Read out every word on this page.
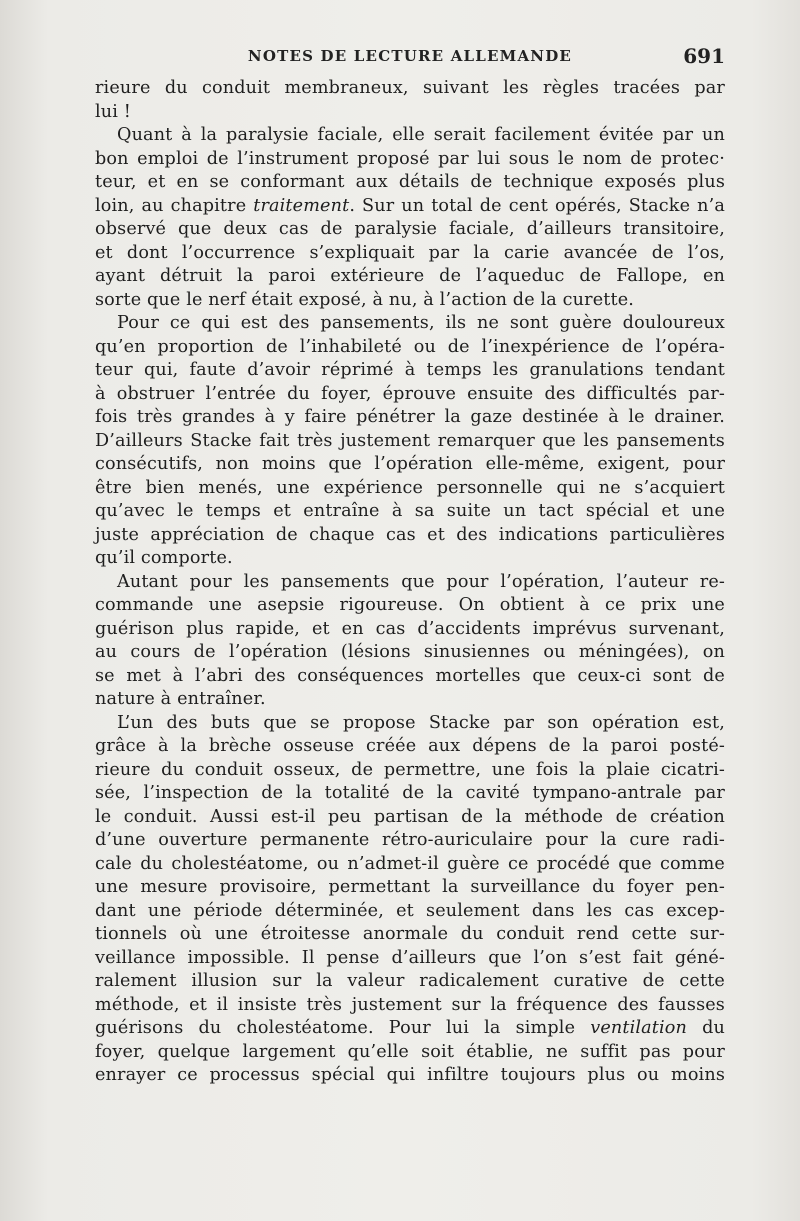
NOTES DE LECTURE ALLEMANDE	691

rieure du conduit membraneux, suivant les règles tracées par

lui !

Quant à la paralysie faciale, elle serait facilement évitée par un

bon emploi de l’instrument proposé par lui sous le nom de protec·

teur, et en se conformant aux détails de technique exposés plus

loin, au chapitre traitement. Sur un total de cent opérés, Stacke n’a

observé que deux cas de paralysie faciale, d’ailleurs transitoire,

et dont l’occurrence s’expliquait par la carie avancée de l’os,

ayant détruit la paroi extérieure de l’aqueduc de Fallope, en

sorte que le nerf était exposé, à nu, à l’action de la curette.

Pour ce qui est des pansements, ils ne sont guère douloureux

qu’en proportion de l’inhabileté ou de l’inexpérience de l’opéra-

teur qui, faute d’avoir réprimé à temps les granulations tendant

à obstruer l’entrée du foyer, éprouve ensuite des difficultés par-

fois très grandes à y faire pénétrer la gaze destinée à le drainer.

D’ailleurs Stacke fait très justement remarquer que les pansements

consécutifs, non moins que l’opération elle-même, exigent, pour

être bien menés, une expérience personnelle qui ne s’acquiert

qu’avec le temps et entraîne à sa suite un tact spécial et une

juste appréciation de chaque cas et des indications particulières

qu’il comporte.

Autant pour les pansements que pour l’opération, l’auteur re-

commande une asepsie rigoureuse. On obtient à ce prix une

guérison plus rapide, et en cas d’accidents imprévus survenant,

au cours de l’opération (lésions sinusiennes ou méningées), on

se met à l’abri des conséquences mortelles que ceux-ci sont de

nature à entraîner.

L’un des buts que se propose Stacke par son opération est,

grâce à la brèche osseuse créée aux dépens de la paroi posté-

rieure du conduit osseux, de permettre, une fois la plaie cicatri-

sée, l’inspection de la totalité de la cavité tympano-antrale par

le conduit. Aussi est-il peu partisan de la méthode de création

d’une ouverture permanente rétro-auriculaire pour la cure radi-

cale du cholestéatome, ou n’admet-il guère ce procédé que comme

une mesure provisoire, permettant la surveillance du foyer pen-

dant une période déterminée, et seulement dans les cas excep-

tionnels où une étroitesse anormale du conduit rend cette sur-

veillance impossible. Il pense d’ailleurs que l’on s’est fait géné-

ralement illusion sur la valeur radicalement curative de cette

méthode, et il insiste très justement sur la fréquence des fausses

guérisons du cholestéatome. Pour lui la simple ventilation du

foyer, quelque largement qu’elle soit établie, ne suffit pas pour

enrayer ce processus spécial qui infiltre toujours plus ou moins
